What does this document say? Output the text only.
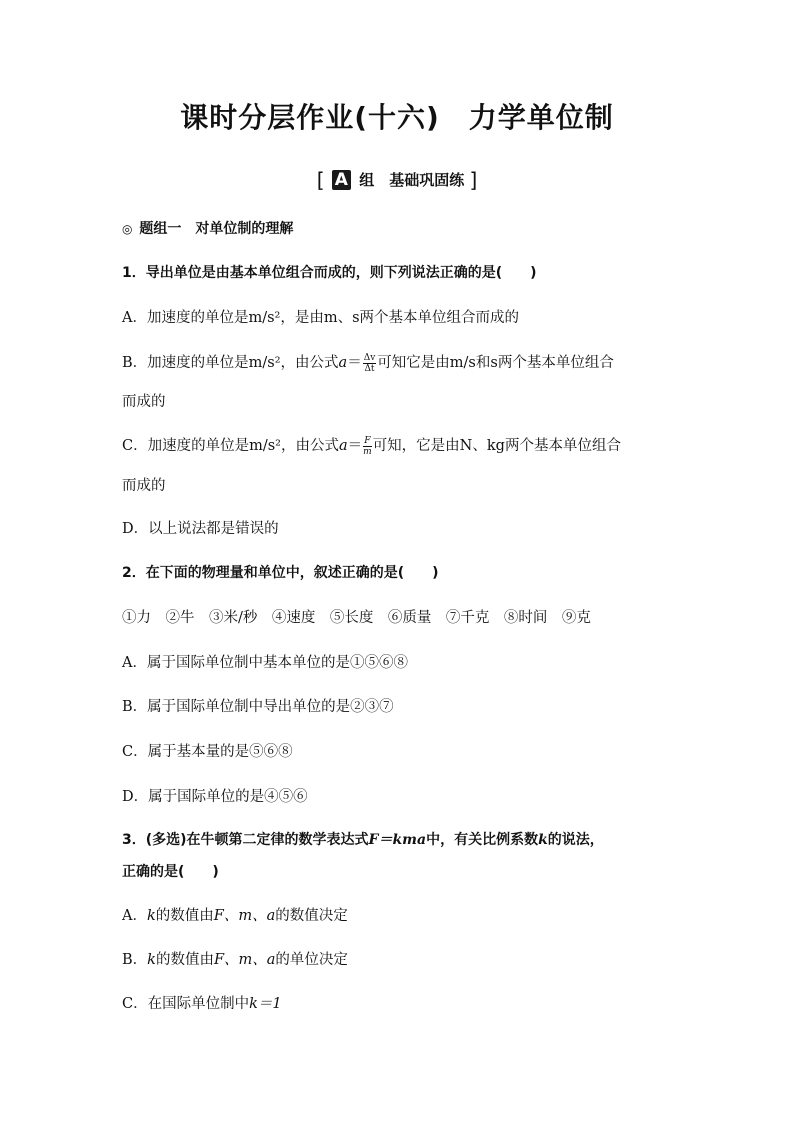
课时分层作业(十六)　力学单位制
[ A 组　基础巩固练 ]
◎ 题组一　对单位制的理解
1．导出单位是由基本单位组合而成的，则下列说法正确的是(　　)
A．加速度的单位是m/s²，是由m、s两个基本单位组合而成的
B．加速度的单位是m/s²，由公式$a= \frac{\Delta v}{\Delta t}$ 可知它是由m/s和s两个基本单位组合
而成的
C．加速度的单位是m/s²，由公式$a= \frac{F}{m}$ 可知，它是由N、kg两个基本单位组合
而成的
D．以上说法都是错误的
2．在下面的物理量和单位中，叙述正确的是(　　)
①力　②牛　③米/秒　④速度　⑤长度　⑥质量　⑦千克　⑧时间　⑨克
A．属于国际单位制中基本单位的是①⑤⑥⑧
B．属于国际单位制中导出单位的是②③⑦
C．属于基本量的是⑤⑥⑧
D．属于国际单位的是④⑤⑥
3．(多选)在牛顿第二定律的数学表达式F＝kma中，有关比例系数k的说法，
正确的是(　　)
A．k的数值由F、m、a的数值决定
B．k的数值由F、m、a的单位决定
C．在国际单位制中k＝1
